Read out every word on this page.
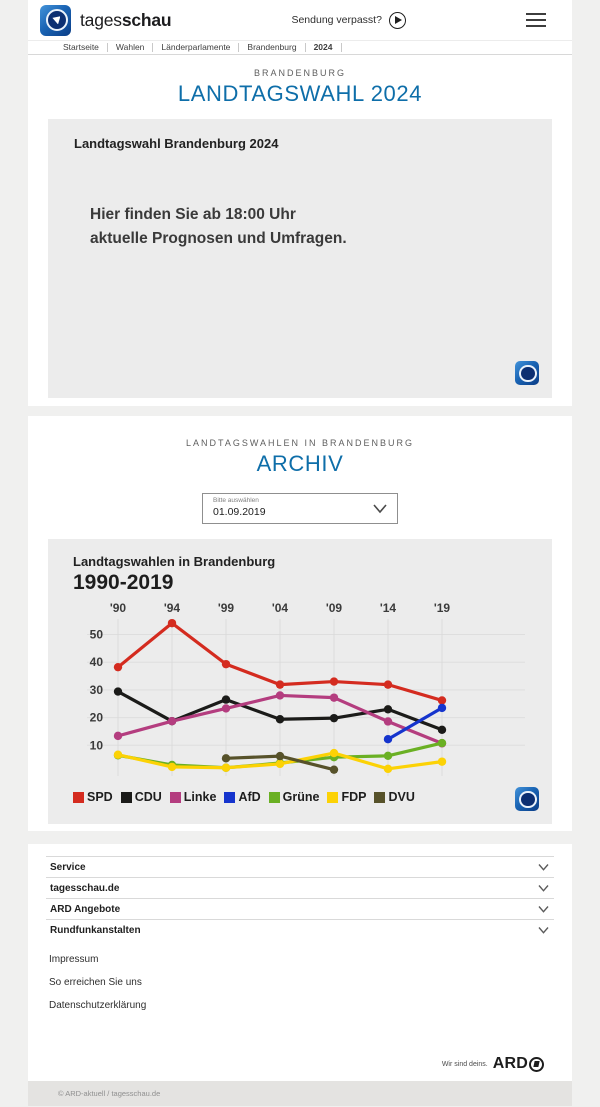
tagesschau	Sendung verpasst?
Startseite	Wahlen	Länderparlamente	Brandenburg	2024
BRANDENBURG
LANDTAGSWAHL 2024
Landtagswahl Brandenburg 2024
Hier finden Sie ab 18:00 Uhr
aktuelle Prognosen und Umfragen.
LANDTAGSWAHLEN IN BRANDENBURG
ARCHIV
Bitte auswählen
01.09.2019
Landtagswahlen in Brandenburg
1990-2019
10
20
30
40
50
'90	'94	'99	'04	'09	'14	'19
SPD CDU Linke AfD Grüne FDP DVU
Service
tagesschau.de
ARD Angebote
Rundfunkanstalten
Impressum
So erreichen Sie uns
Datenschutzerklärung
Wir sind deins. ARD
© ARD-aktuell / tagesschau.de
